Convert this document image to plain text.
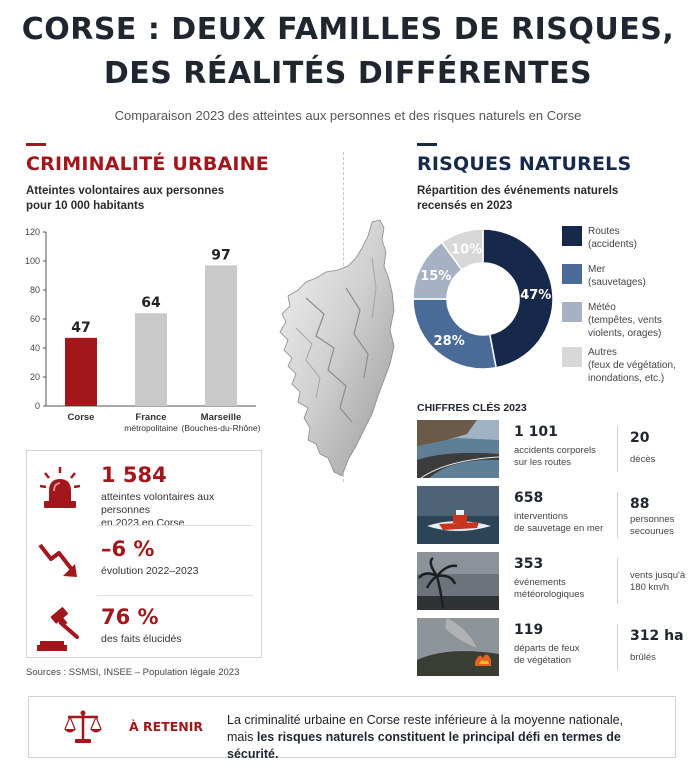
CORSE : DEUX FAMILLES DE RISQUES,
DES RÉALITÉS DIFFÉRENTES
Comparaison 2023 des atteintes aux personnes et des risques naturels en Corse
CRIMINALITÉ URBAINE
Atteintes volontaires aux personnes
pour 10 000 habitants
RISQUES NATURELS
Répartition des événements naturels
recensés en 2023
0
20
40
60
80
100
120
47
Corse
64
France
métropolitaine
97
Marseille
(Bouches-du-Rhône)
1 584
atteintes volontaires aux personnes
en 2023 en Corse
–6 %
évolution 2022–2023
76 %
des faits élucidés
Sources : SSMSI, INSEE – Population légale 2023
47%
28%
15%
10%
Routes
(accidents)
Mer
(sauvetages)
Météo
(tempêtes, vents
violents, orages)
Autres
(feux de végétation,
inondations, etc.)
CHIFFRES CLÉS 2023
1 101
accidents corporels
sur les routes
20
décès
658
interventions
de sauvetage en mer
88
personnes
secourues
353
événements
météorologiques
vents jusqu'à
180 km/h
119
départs de feux
de végétation
312 ha
brûlés
À RETENIR La criminalité urbaine en Corse reste inférieure à la moyenne nationale,
mais les risques naturels constituent le principal défi en termes de sécurité.
